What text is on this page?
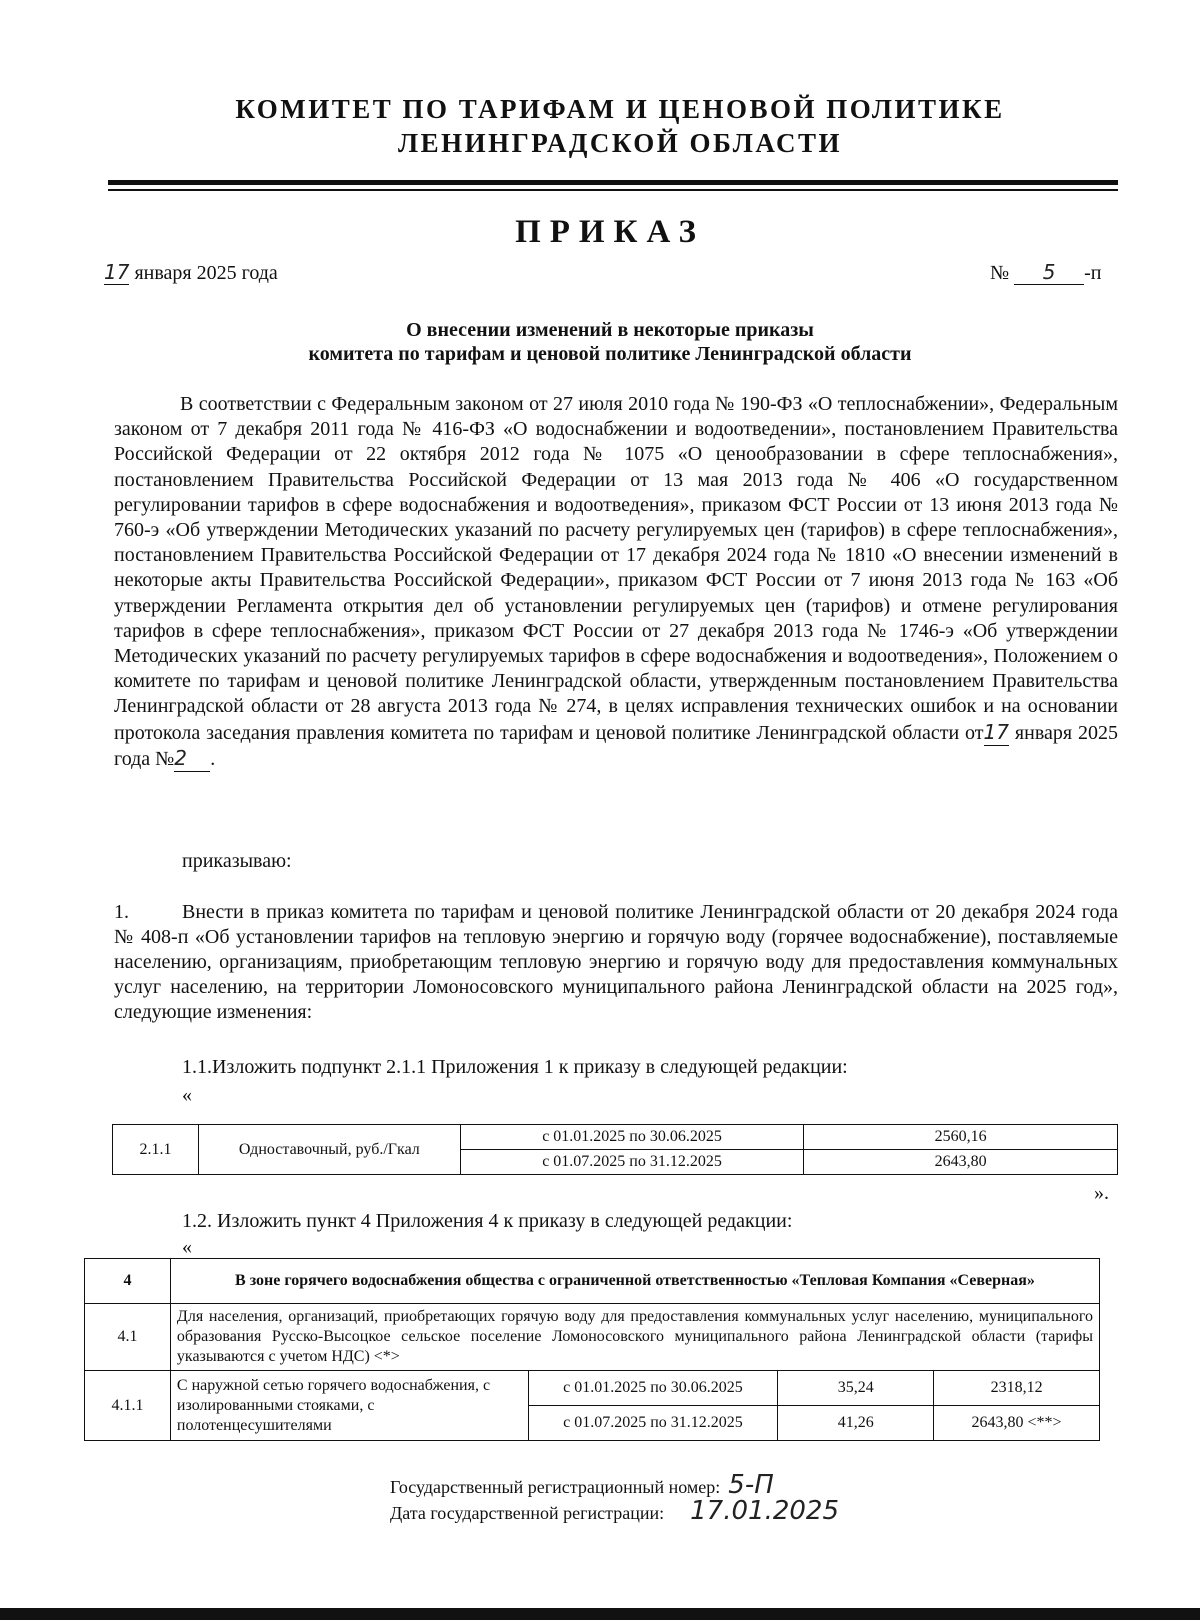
КОМИТЕТ ПО ТАРИФАМ И ЦЕНОВОЙ ПОЛИТИКЕ
ЛЕНИНГРАДСКОЙ ОБЛАСТИ
ПРИКАЗ
17 января 2025 года	№ 5 -п
О внесении изменений в некоторые приказы
комитета по тарифам и ценовой политике Ленинградской области
В соответствии с Федеральным законом от 27 июля 2010 года № 190-ФЗ «О теплоснабжении», Федеральным законом от 7 декабря 2011 года № 416-ФЗ «О водоснабжении и водоотведении», постановлением Правительства Российской Федерации от 22 октября 2012 года № 1075 «О ценообразовании в сфере теплоснабжения», постановлением Правительства Российской Федерации от 13 мая 2013 года № 406 «О государственном регулировании тарифов в сфере водоснабжения и водоотведения», приказом ФСТ России от 13 июня 2013 года № 760-э «Об утверждении Методических указаний по расчету регулируемых цен (тарифов) в сфере теплоснабжения», постановлением Правительства Российской Федерации от 17 декабря 2024 года № 1810 «О внесении изменений в некоторые акты Правительства Российской Федерации», приказом ФСТ России от 7 июня 2013 года № 163 «Об утверждении Регламента открытия дел об установлении регулируемых цен (тарифов) и отмене регулирования тарифов в сфере теплоснабжения», приказом ФСТ России от 27 декабря 2013 года № 1746-э «Об утверждении Методических указаний по расчету регулируемых тарифов в сфере водоснабжения и водоотведения», Положением о комитете по тарифам и ценовой политике Ленинградской области, утвержденным постановлением Правительства Ленинградской области от 28 августа 2013 года № 274, в целях исправления технических ошибок и на основании протокола заседания правления комитета по тарифам и ценовой политике Ленинградской области от17 января 2025 года №2 .
приказываю:
1.	Внести в приказ комитета по тарифам и ценовой политике Ленинградской области от 20 декабря 2024 года № 408-п «Об установлении тарифов на тепловую энергию и горячую воду (горячее водоснабжение), поставляемые населению, организациям, приобретающим тепловую энергию и горячую воду для предоставления коммунальных услуг населению, на территории Ломоносовского муниципального района Ленинградской области на 2025 год», следующие изменения:
1.1.Изложить подпункт 2.1.1 Приложения 1 к приказу в следующей редакции:
«
2.1.1	Одноставочный, руб./Гкал	с 01.01.2025 по 30.06.2025	2560,16
		с 01.07.2025 по 31.12.2025	2643,80
».
1.2. Изложить пункт 4 Приложения 4 к приказу в следующей редакции:
«
4	В зоне горячего водоснабжения общества с ограниченной ответственностью «Тепловая Компания «Северная»			
4.1	Для населения, организаций, приобретающих горячую воду для предоставления коммунальных услуг населению, муниципального образования Русско-Высоцкое сельское поселение Ломоносовского муниципального района Ленинградской области (тарифы указываются с учетом НДС) <*>			
4.1.1	С наружной сетью горячего водоснабжения, с изолированными стояками, с полотенцесушителями	с 01.01.2025 по 30.06.2025	35,24	2318,12
		с 01.07.2025 по 31.12.2025	41,26	2643,80 <**>
Государственный регистрационный номер: 5-П
Дата государственной регистрации: 17.01.2025
